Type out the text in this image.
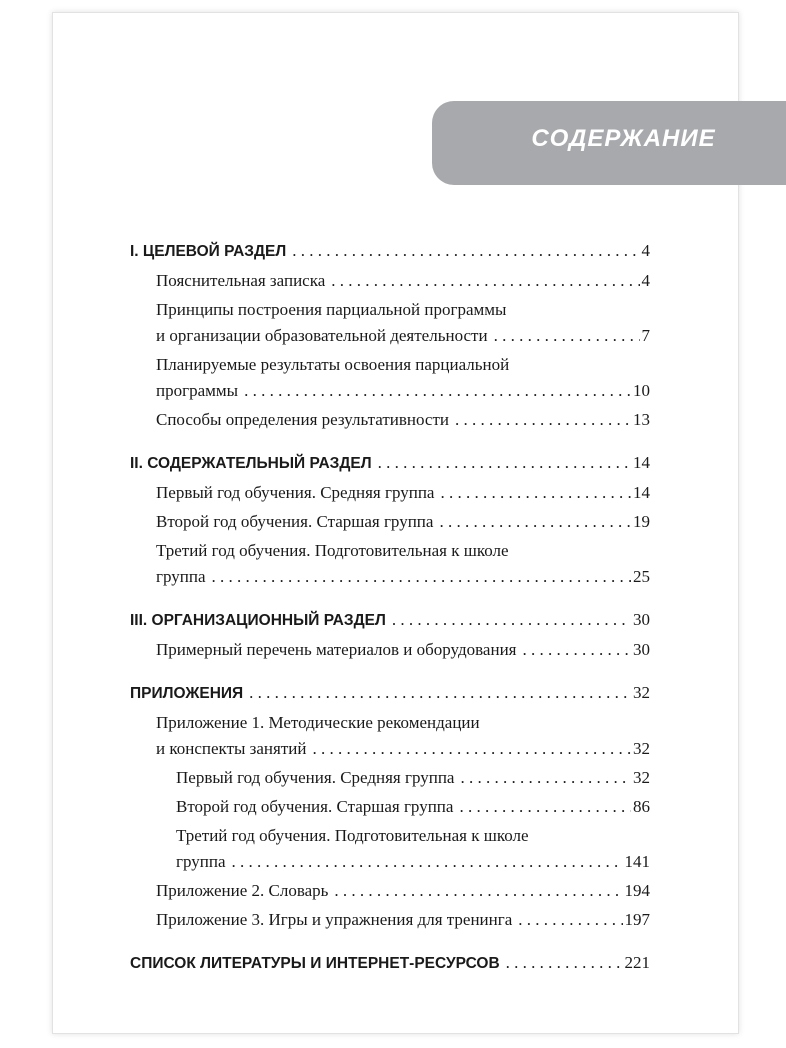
СОДЕРЖАНИЕ
I. ЦЕЛЕВОЙ РАЗДЕЛ . . .	4
Пояснительная записка . . .	4
Принципы построения парциальной программы
и организации образовательной деятельности . . .	7
Планируемые результаты освоения парциальной
программы . . .	10
Способы определения результативности . . .	13
II. СОДЕРЖАТЕЛЬНЫЙ РАЗДЕЛ . . .	14
Первый год обучения. Средняя группа . . .	14
Второй год обучения. Старшая группа . . .	19
Третий год обучения. Подготовительная к школе
группа . . .	25
III. ОРГАНИЗАЦИОННЫЙ РАЗДЕЛ . . .	30
Примерный перечень материалов и оборудования . . .	30
ПРИЛОЖЕНИЯ . . .	32
Приложение 1. Методические рекомендации
и конспекты занятий . . .	32
Первый год обучения. Средняя группа . . .	32
Второй год обучения. Старшая группа . . .	86
Третий год обучения. Подготовительная к школе
группа . . .	141
Приложение 2. Словарь . . .	194
Приложение 3. Игры и упражнения для тренинга . . .	197
СПИСОК ЛИТЕРАТУРЫ И ИНТЕРНЕТ-РЕСУРСОВ . . .	221
